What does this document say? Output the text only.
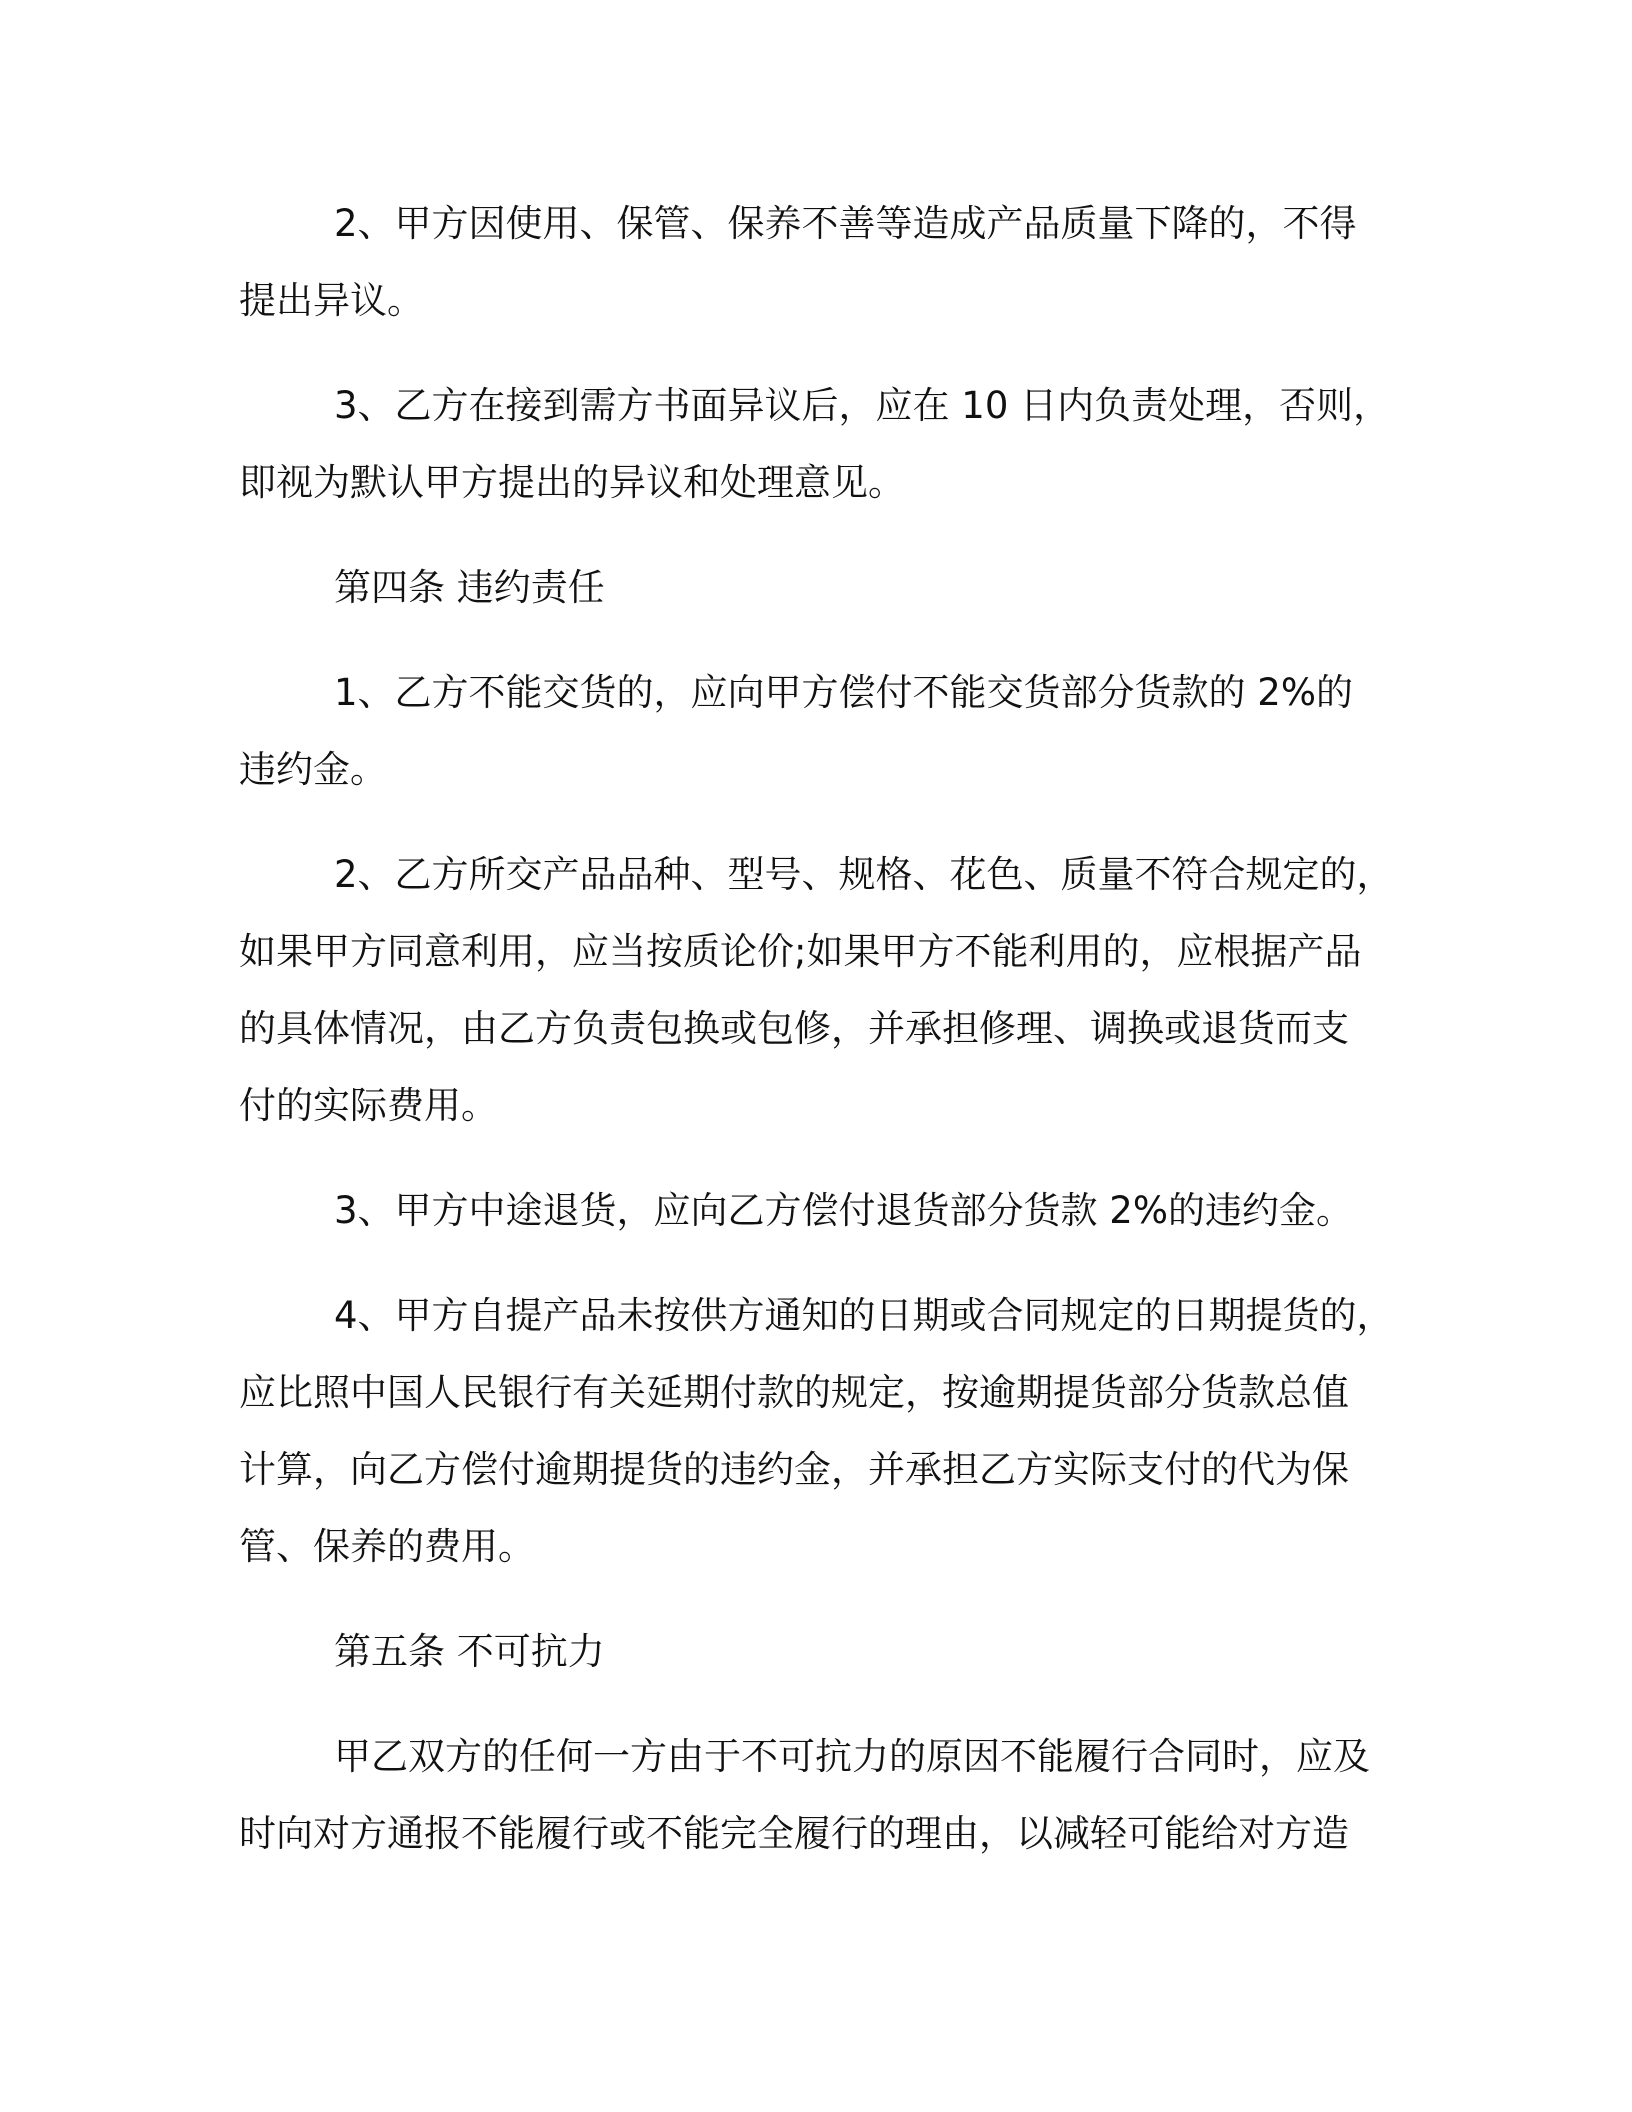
2、甲方因使用、保管、保养不善等造成产品质量下降的，不得
提出异议。
3、乙方在接到需方书面异议后，应在 10 日内负责处理，否则，
即视为默认甲方提出的异议和处理意见。
第四条 违约责任
1、乙方不能交货的，应向甲方偿付不能交货部分货款的 2%的
违约金。
2、乙方所交产品品种、型号、规格、花色、质量不符合规定的，
如果甲方同意利用，应当按质论价;如果甲方不能利用的，应根据产品
的具体情况，由乙方负责包换或包修，并承担修理、调换或退货而支
付的实际费用。
3、甲方中途退货，应向乙方偿付退货部分货款 2%的违约金。
4、甲方自提产品未按供方通知的日期或合同规定的日期提货的，
应比照中国人民银行有关延期付款的规定，按逾期提货部分货款总值
计算，向乙方偿付逾期提货的违约金，并承担乙方实际支付的代为保
管、保养的费用。
第五条 不可抗力
甲乙双方的任何一方由于不可抗力的原因不能履行合同时，应及
时向对方通报不能履行或不能完全履行的理由，以减轻可能给对方造
